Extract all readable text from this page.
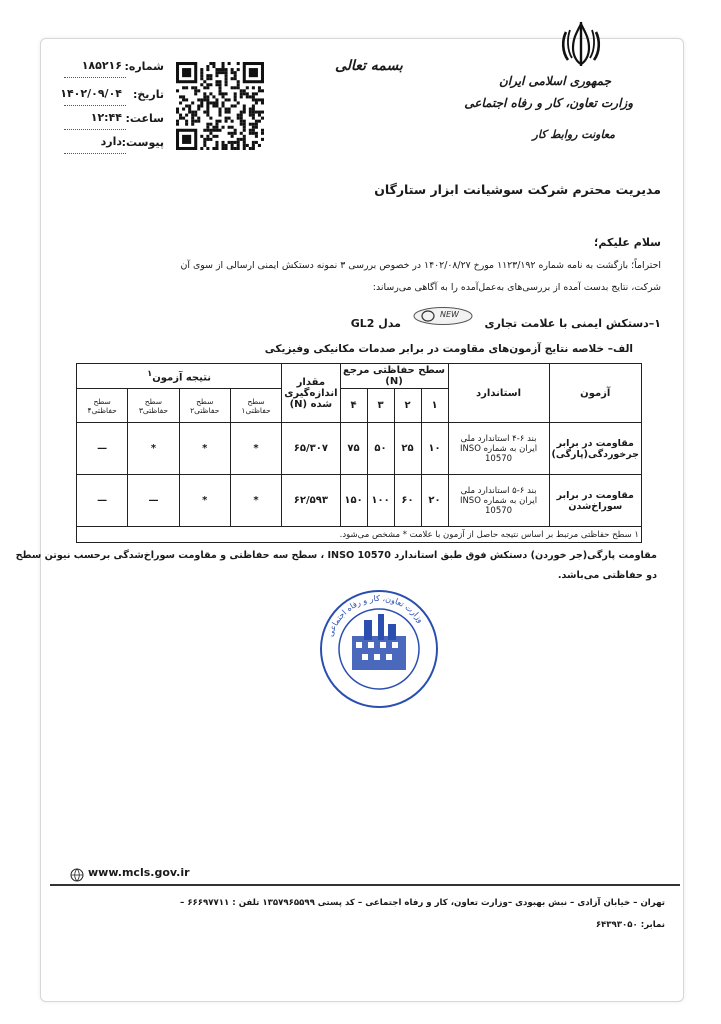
جمهوری اسلامی ایران
وزارت تعاون، کار و رفاه اجتماعی
معاونت روابط کار
بسمه تعالی
شماره:
۱۸۵۲۱۶
تاریخ:
۱۴۰۲/۰۹/۰۴
ساعت:
۱۲:۴۴
پیوست:
دارد
مدیریت محترم شرکت سوشیانت ابزار ستارگان
سلام علیکم؛
احتراماً؛ بازگشت به نامه شماره ۱۱۲۳/۱۹۲ مورخ ۱۴۰۲/۰۸/۲۷ در خصوص بررسی ۳ نمونه دستکش ایمنی ارسالی از سوی آن
شرکت، نتایج بدست آمده از بررسی‌های به‌عمل‌آمده را به آگاهی می‌رساند:
۱–دستکش ایمنی با علامت تجاری
NEW
مدل GL2
الف– خلاصه نتایج آزمون‌های مقاومت در برابر صدمات مکانیکی وفیزیکی
آزمون	استاندارد	سطح حفاظتی مرجع
(N)				مقدار اندازه‌گیری شده (N)	نتیجه آزمون$^۱$
		۱	۲	۳	۴		سطح حفاظتی۱	سطح حفاظتی۲	سطح حفاظتی۳	سطح حفاظتی۴
مقاومت در برابر جرخوردگی(پارگی)	بند ۶-۴ استاندارد ملی ایران به شماره INSO 10570	۱۰	۲۵	۵۰	۷۵	۶۵/۳۰۷	*	*	*	—
مقاومت در برابر سوراخ‌شدن	بند ۶-۵ استاندارد ملی ایران به شماره INSO 10570	۲۰	۶۰	۱۰۰	۱۵۰	۶۲/۵۹۳	*	*	—	—
۱ سطح حفاظتی مرتبط بر اساس نتیجه حاصل از آزمون با علامت * مشخص می‌شود.										
مقاومت پارگی(جر خوردن) دستکش فوق طبق استاندارد INSO 10570 ، سطح سه حفاظتی و مقاومت سوراخ‌شدگی برحسب نیوتن سطح
دو حفاظتی می‌باشد.
وزارت تعاون، کار و رفاه اجتماعی
www.mcls.gov.ir
تهران – خیابان آزادی – نبش بهبودی –وزارت تعاون، کار و رفاه اجتماعی – کد پستی ۱۳۵۷۹۶۵۵۹۹ تلفن : ۶۶۶۹۷۷۱۱ –
نمابر: ۶۴۳۹۳۰۵۰
